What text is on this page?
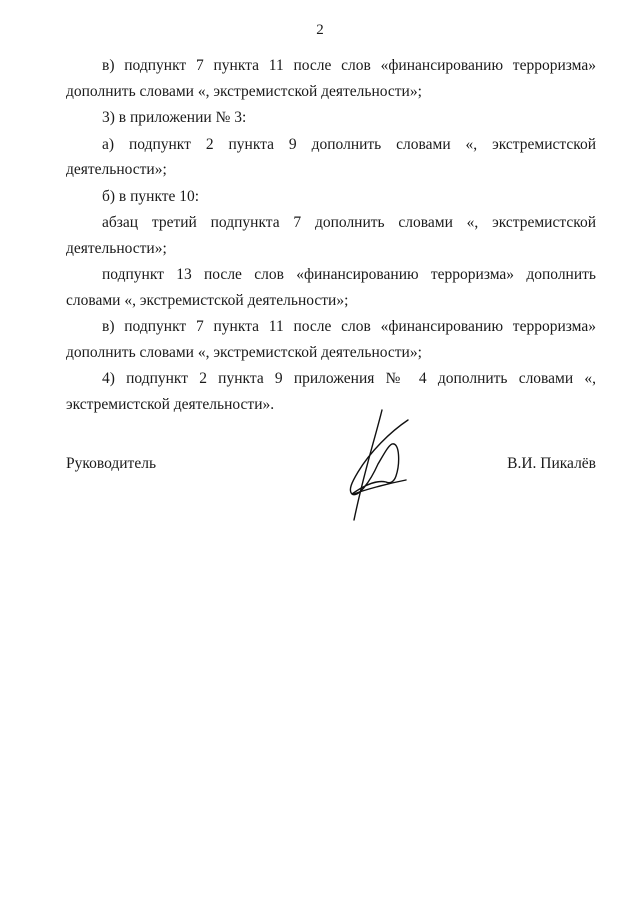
2

в) подпункт 7 пункта 11 после слов «финансированию терроризма» дополнить словами «, экстремистской деятельности»;

3) в приложении № 3:

а) подпункт 2 пункта 9 дополнить словами «, экстремистской деятельности»;

б) в пункте 10:

абзац третий подпункта 7 дополнить словами «, экстремистской деятельности»;

подпункт 13 после слов «финансированию терроризма» дополнить словами «, экстремистской деятельности»;

в) подпункт 7 пункта 11 после слов «финансированию терроризма» дополнить словами «, экстремистской деятельности»;

4) подпункт 2 пункта 9 приложения № 4 дополнить словами «, экстремистской деятельности».

Руководитель	В.И. Пикалёв
